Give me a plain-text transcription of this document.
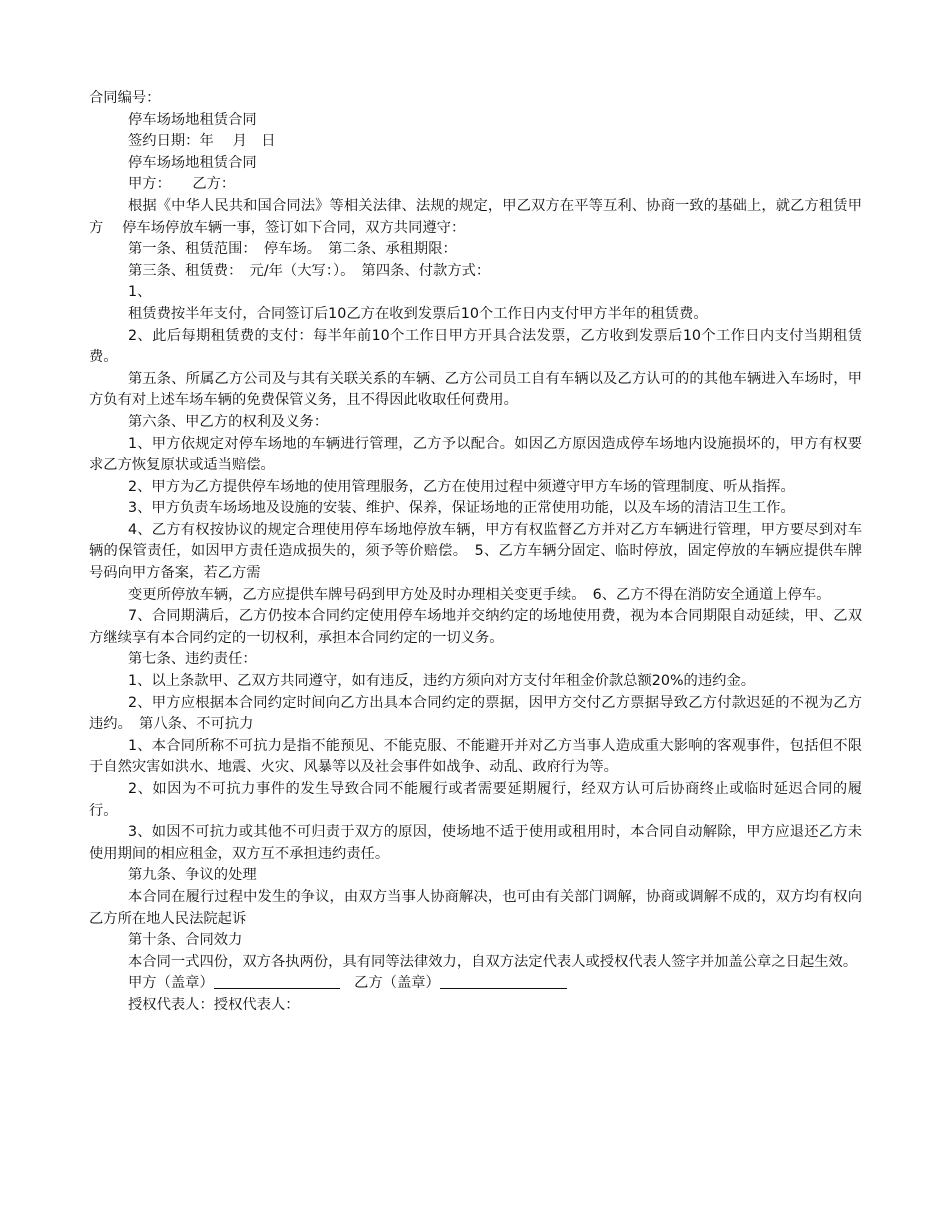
合同编号：
停车场场地租赁合同
签约日期：年　 月　日
停车场场地租赁合同
甲方：　　乙方：
根据《中华人民共和国合同法》等相关法律、法规的规定，甲乙双方在平等互利、协商一致的基础上，就乙方租赁甲方　 停车场停放车辆一事，签订如下合同，双方共同遵守：
第一条、租赁范围：　停车场。　第二条、承租期限：
第三条、租赁费：　元/年（大写：）。　第四条、付款方式：
1、
租赁费按半年支付，合同签订后10乙方在收到发票后10个工作日内支付甲方半年的租赁费。
2、此后每期租赁费的支付：每半年前10个工作日甲方开具合法发票，乙方收到发票后10个工作日内支付当期租赁费。
第五条、所属乙方公司及与其有关联关系的车辆、乙方公司员工自有车辆以及乙方认可的的其他车辆进入车场时，甲方负有对上述车场车辆的免费保管义务，且不得因此收取任何费用。
第六条、甲乙方的权利及义务：
1、甲方依规定对停车场地的车辆进行管理，乙方予以配合。如因乙方原因造成停车场地内设施损坏的，甲方有权要求乙方恢复原状或适当赔偿。
2、甲方为乙方提供停车场地的使用管理服务，乙方在使用过程中须遵守甲方车场的管理制度、听从指挥。
3、甲方负责车场场地及设施的安装、维护、保养，保证场地的正常使用功能，以及车场的清洁卫生工作。
4、乙方有权按协议的规定合理使用停车场地停放车辆，甲方有权监督乙方并对乙方车辆进行管理，甲方要尽到对车辆的保管责任，如因甲方责任造成损失的，须予等价赔偿。　5、乙方车辆分固定、临时停放，固定停放的车辆应提供车牌号码向甲方备案，若乙方需
变更所停放车辆，乙方应提供车牌号码到甲方处及时办理相关变更手续。　6、乙方不得在消防安全通道上停车。
7、合同期满后，乙方仍按本合同约定使用停车场地并交纳约定的场地使用费，视为本合同期限自动延续，甲、乙双方继续享有本合同约定的一切权利，承担本合同约定的一切义务。
第七条、违约责任：
1、以上条款甲、乙双方共同遵守，如有违反，违约方须向对方支付年租金价款总额20%的违约金。
2、甲方应根据本合同约定时间向乙方出具本合同约定的票据，因甲方交付乙方票据导致乙方付款迟延的不视为乙方违约。　第八条、不可抗力
1、本合同所称不可抗力是指不能预见、不能克服、不能避开并对乙方当事人造成重大影响的客观事件，包括但不限于自然灾害如洪水、地震、火灾、风暴等以及社会事件如战争、动乱、政府行为等。
2、如因为不可抗力事件的发生导致合同不能履行或者需要延期履行，经双方认可后协商终止或临时延迟合同的履行。
3、如因不可抗力或其他不可归责于双方的原因，使场地不适于使用或租用时，本合同自动解除，甲方应退还乙方未使用期间的相应租金，双方互不承担违约责任。
第九条、争议的处理
本合同在履行过程中发生的争议，由双方当事人协商解决，也可由有关部门调解，协商或调解不成的，双方均有权向乙方所在地人民法院起诉
第十条、合同效力
本合同一式四份，双方各执两份，具有同等法律效力，自双方法定代表人或授权代表人签字并加盖公章之日起生效。
甲方（盖章）	　乙方（盖章）
授权代表人：授权代表人：
